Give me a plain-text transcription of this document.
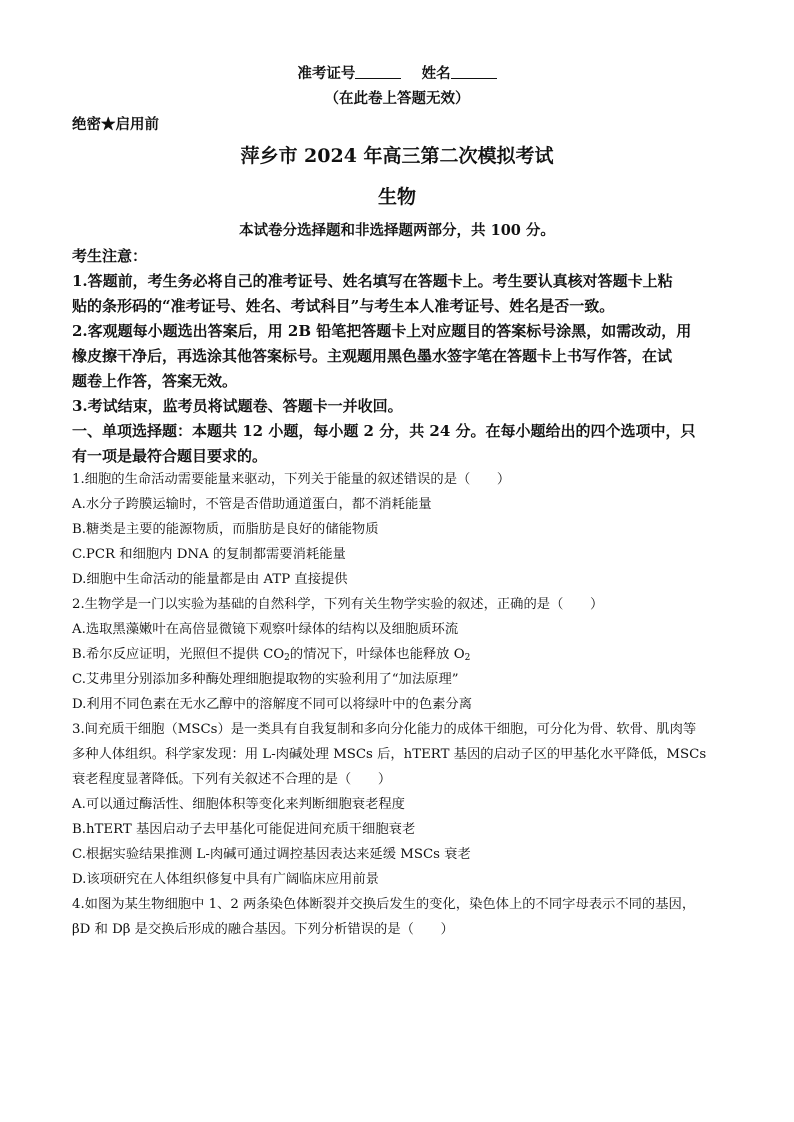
准考证号	姓名
（在此卷上答题无效）
绝密★启用前
萍乡市 2024 年高三第二次模拟考试
生物
本试卷分选择题和非选择题两部分，共 100 分。
考生注意：
1.答题前，考生务必将自己的准考证号、姓名填写在答题卡上。考生要认真核对答题卡上粘
贴的条形码的“准考证号、姓名、考试科目”与考生本人准考证号、姓名是否一致。
2.客观题每小题选出答案后，用 2B 铅笔把答题卡上对应题目的答案标号涂黑，如需改动，用
橡皮擦干净后，再选涂其他答案标号。主观题用黑色墨水签字笔在答题卡上书写作答，在试
题卷上作答，答案无效。
3.考试结束，监考员将试题卷、答题卡一并收回。
一、单项选择题：本题共 12 小题，每小题 2 分，共 24 分。在每小题给出的四个选项中，只
有一项是最符合题目要求的。
1.细胞的生命活动需要能量来驱动，下列关于能量的叙述错误的是（　　）
A.水分子跨膜运输时，不管是否借助通道蛋白，都不消耗能量
B.糖类是主要的能源物质，而脂肪是良好的储能物质
C.PCR 和细胞内 DNA 的复制都需要消耗能量
D.细胞中生命活动的能量都是由 ATP 直接提供
2.生物学是一门以实验为基础的自然科学，下列有关生物学实验的叙述，正确的是（　　）
A.选取黑藻嫩叶在高倍显微镜下观察叶绿体的结构以及细胞质环流
B.希尔反应证明，光照但不提供 $CO_2$的情况下，叶绿体也能释放 $O_2$
C.艾弗里分别添加多种酶处理细胞提取物的实验利用了“加法原理”
D.利用不同色素在无水乙醇中的溶解度不同可以将绿叶中的色素分离
3.间充质干细胞（MSCs）是一类具有自我复制和多向分化能力的成体干细胞，可分化为骨、软骨、肌肉等
多种人体组织。科学家发现：用 L-肉碱处理 MSCs 后，hTERT 基因的启动子区的甲基化水平降低，MSCs
衰老程度显著降低。下列有关叙述不合理的是（　　）
A.可以通过酶活性、细胞体积等变化来判断细胞衰老程度
B.hTERT 基因启动子去甲基化可能促进间充质干细胞衰老
C.根据实验结果推测 L-肉碱可通过调控基因表达来延缓 MSCs 衰老
D.该项研究在人体组织修复中具有广阔临床应用前景
4.如图为某生物细胞中 1、2 两条染色体断裂并交换后发生的变化，染色体上的不同字母表示不同的基因，
βD 和 Dβ 是交换后形成的融合基因。下列分析错误的是（　　）
